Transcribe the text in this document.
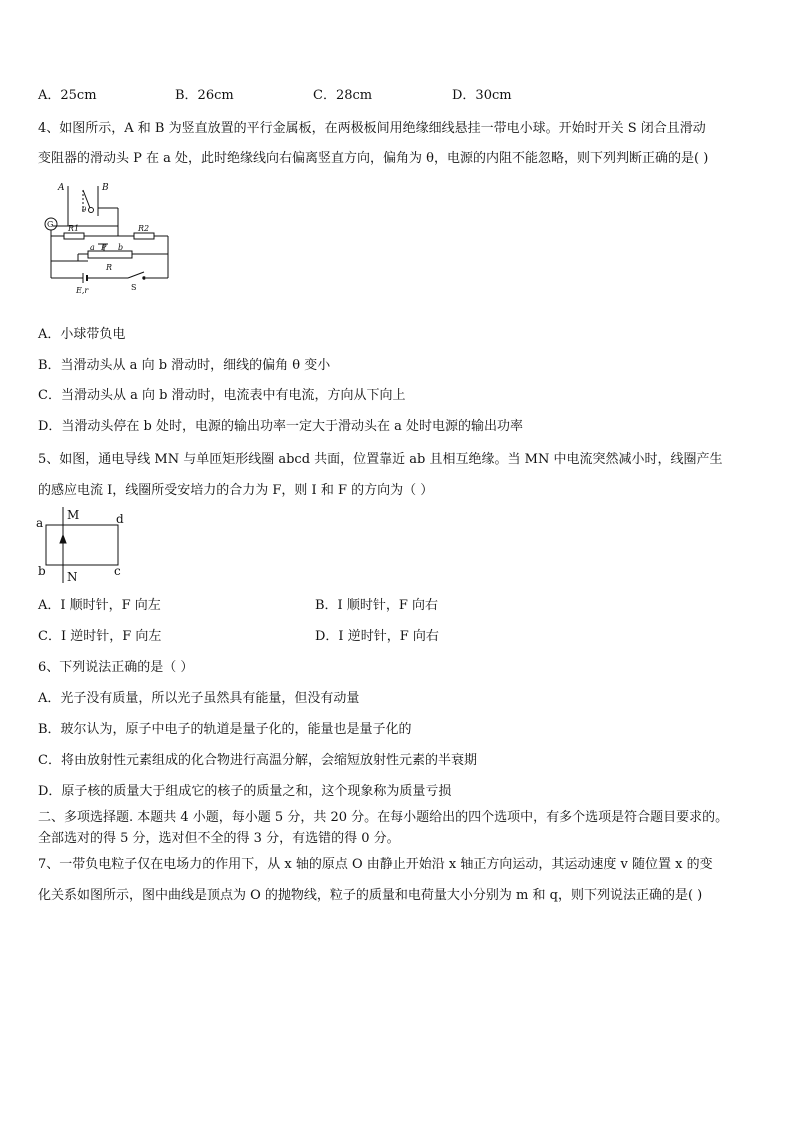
A．25cm	B．26cm	C．28cm	D．30cm
4、如图所示，A 和 B 为竖直放置的平行金属板，在两极板间用绝缘细线悬挂一带电小球。开始时开关 S 闭合且滑动
变阻器的滑动头 P 在 a 处，此时绝缘线向右偏离竖直方向，偏角为 θ，电源的内阻不能忽略，则下列判断正确的是( )
A	B
θ
G R1	R2
a P b
R
E,r	S
A．小球带负电
B．当滑动头从 a 向 b 滑动时，细线的偏角 θ 变小
C．当滑动头从 a 向 b 滑动时，电流表中有电流，方向从下向上
D．当滑动头停在 b 处时，电源的输出功率一定大于滑动头在 a 处时电源的输出功率
5、如图，通电导线 MN 与单匝矩形线圈 abcd 共面，位置靠近 ab 且相互绝缘。当 MN 中电流突然减小时，线圈产生
的感应电流 I，线圈所受安培力的合力为 F，则 I 和 F 的方向为（ ）
M
N
a
b	c
d
A．I 顺时针，F 向左	B．I 顺时针，F 向右
C．I 逆时针，F 向左	D．I 逆时针，F 向右
6、下列说法正确的是（ ）
A．光子没有质量，所以光子虽然具有能量，但没有动量
B．玻尔认为，原子中电子的轨道是量子化的，能量也是量子化的
C．将由放射性元素组成的化合物进行高温分解，会缩短放射性元素的半衰期
D．原子核的质量大于组成它的核子的质量之和，这个现象称为质量亏损
二、多项选择题. 本题共 4 小题，每小题 5 分，共 20 分。在每小题给出的四个选项中，有多个选项是符合题目要求的。
全部选对的得 5 分，选对但不全的得 3 分，有选错的得 0 分。
7、一带负电粒子仅在电场力的作用下，从 x 轴的原点 O 由静止开始沿 x 轴正方向运动，其运动速度 v 随位置 x 的变
化关系如图所示，图中曲线是顶点为 O 的抛物线，粒子的质量和电荷量大小分别为 m 和 q，则下列说法正确的是( )
